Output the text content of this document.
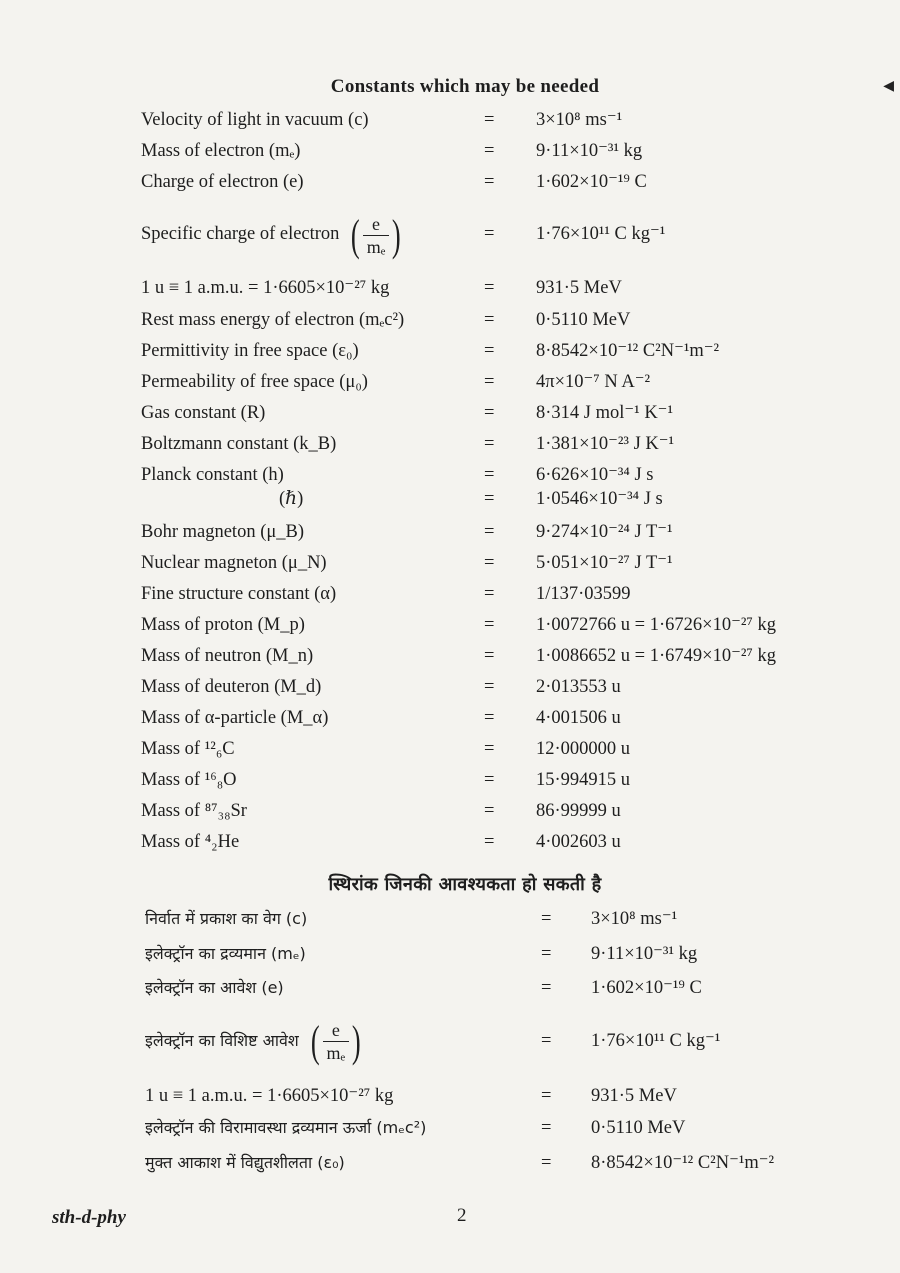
◀
Constants which may be needed
Velocity of light in vacuum (c)	= 3×10⁸ ms⁻¹
Mass of electron (mₑ)	= 9·11×10⁻³¹ kg
Charge of electron (e)	= 1·602×10⁻¹⁹ C
Specific charge of electron ( $\frac{e}{\text{mₑ}}$ )	= 1·76×10¹¹ C kg⁻¹
1 u ≡ 1 a.m.u. = 1·6605×10⁻²⁷ kg	= 931·5 MeV
Rest mass energy of electron (mₑc²)	= 0·5110 MeV
Permittivity in free space (ε₀)	= 8·8542×10⁻¹² C²N⁻¹m⁻²
Permeability of free space (μ₀)	= 4π×10⁻⁷ N A⁻²
Gas constant (R)	= 8·314 J mol⁻¹ K⁻¹
Boltzmann constant (k_B)	= 1·381×10⁻²³ J K⁻¹
Planck constant (h)	= 6·626×10⁻³⁴ J s
(ℏ)	= 1·0546×10⁻³⁴ J s
Bohr magneton (μ_B)	= 9·274×10⁻²⁴ J T⁻¹
Nuclear magneton (μ_N)	= 5·051×10⁻²⁷ J T⁻¹
Fine structure constant (α)	= 1/137·03599
Mass of proton (M_p)	= 1·0072766 u = 1·6726×10⁻²⁷ kg
Mass of neutron (M_n)	= 1·0086652 u = 1·6749×10⁻²⁷ kg
Mass of deuteron (M_d)	= 2·013553 u
Mass of α-particle (M_α)	= 4·001506 u
Mass of ¹²₆C	= 12·000000 u
Mass of ¹⁶₈O	= 15·994915 u
Mass of ⁸⁷₃₈Sr	= 86·99999 u
Mass of ⁴₂He	= 4·002603 u
स्थिरांक जिनकी आवश्यकता हो सकती है
निर्वात में प्रकाश का वेग (c)	= 3×10⁸ ms⁻¹
इलेक्ट्रॉन का द्रव्यमान (mₑ)	= 9·11×10⁻³¹ kg
इलेक्ट्रॉन का आवेश (e)	= 1·602×10⁻¹⁹ C
इलेक्ट्रॉन का विशिष्ट आवेश ( $\frac{e}{\text{mₑ}}$ )	= 1·76×10¹¹ C kg⁻¹
1 u ≡ 1 a.m.u. = 1·6605×10⁻²⁷ kg	= 931·5 MeV
इलेक्ट्रॉन की विरामावस्था द्रव्यमान ऊर्जा (mₑc²)	= 0·5110 MeV
मुक्त आकाश में विद्युतशीलता (ε₀)	= 8·8542×10⁻¹² C²N⁻¹m⁻²
sth-d-phy	2
